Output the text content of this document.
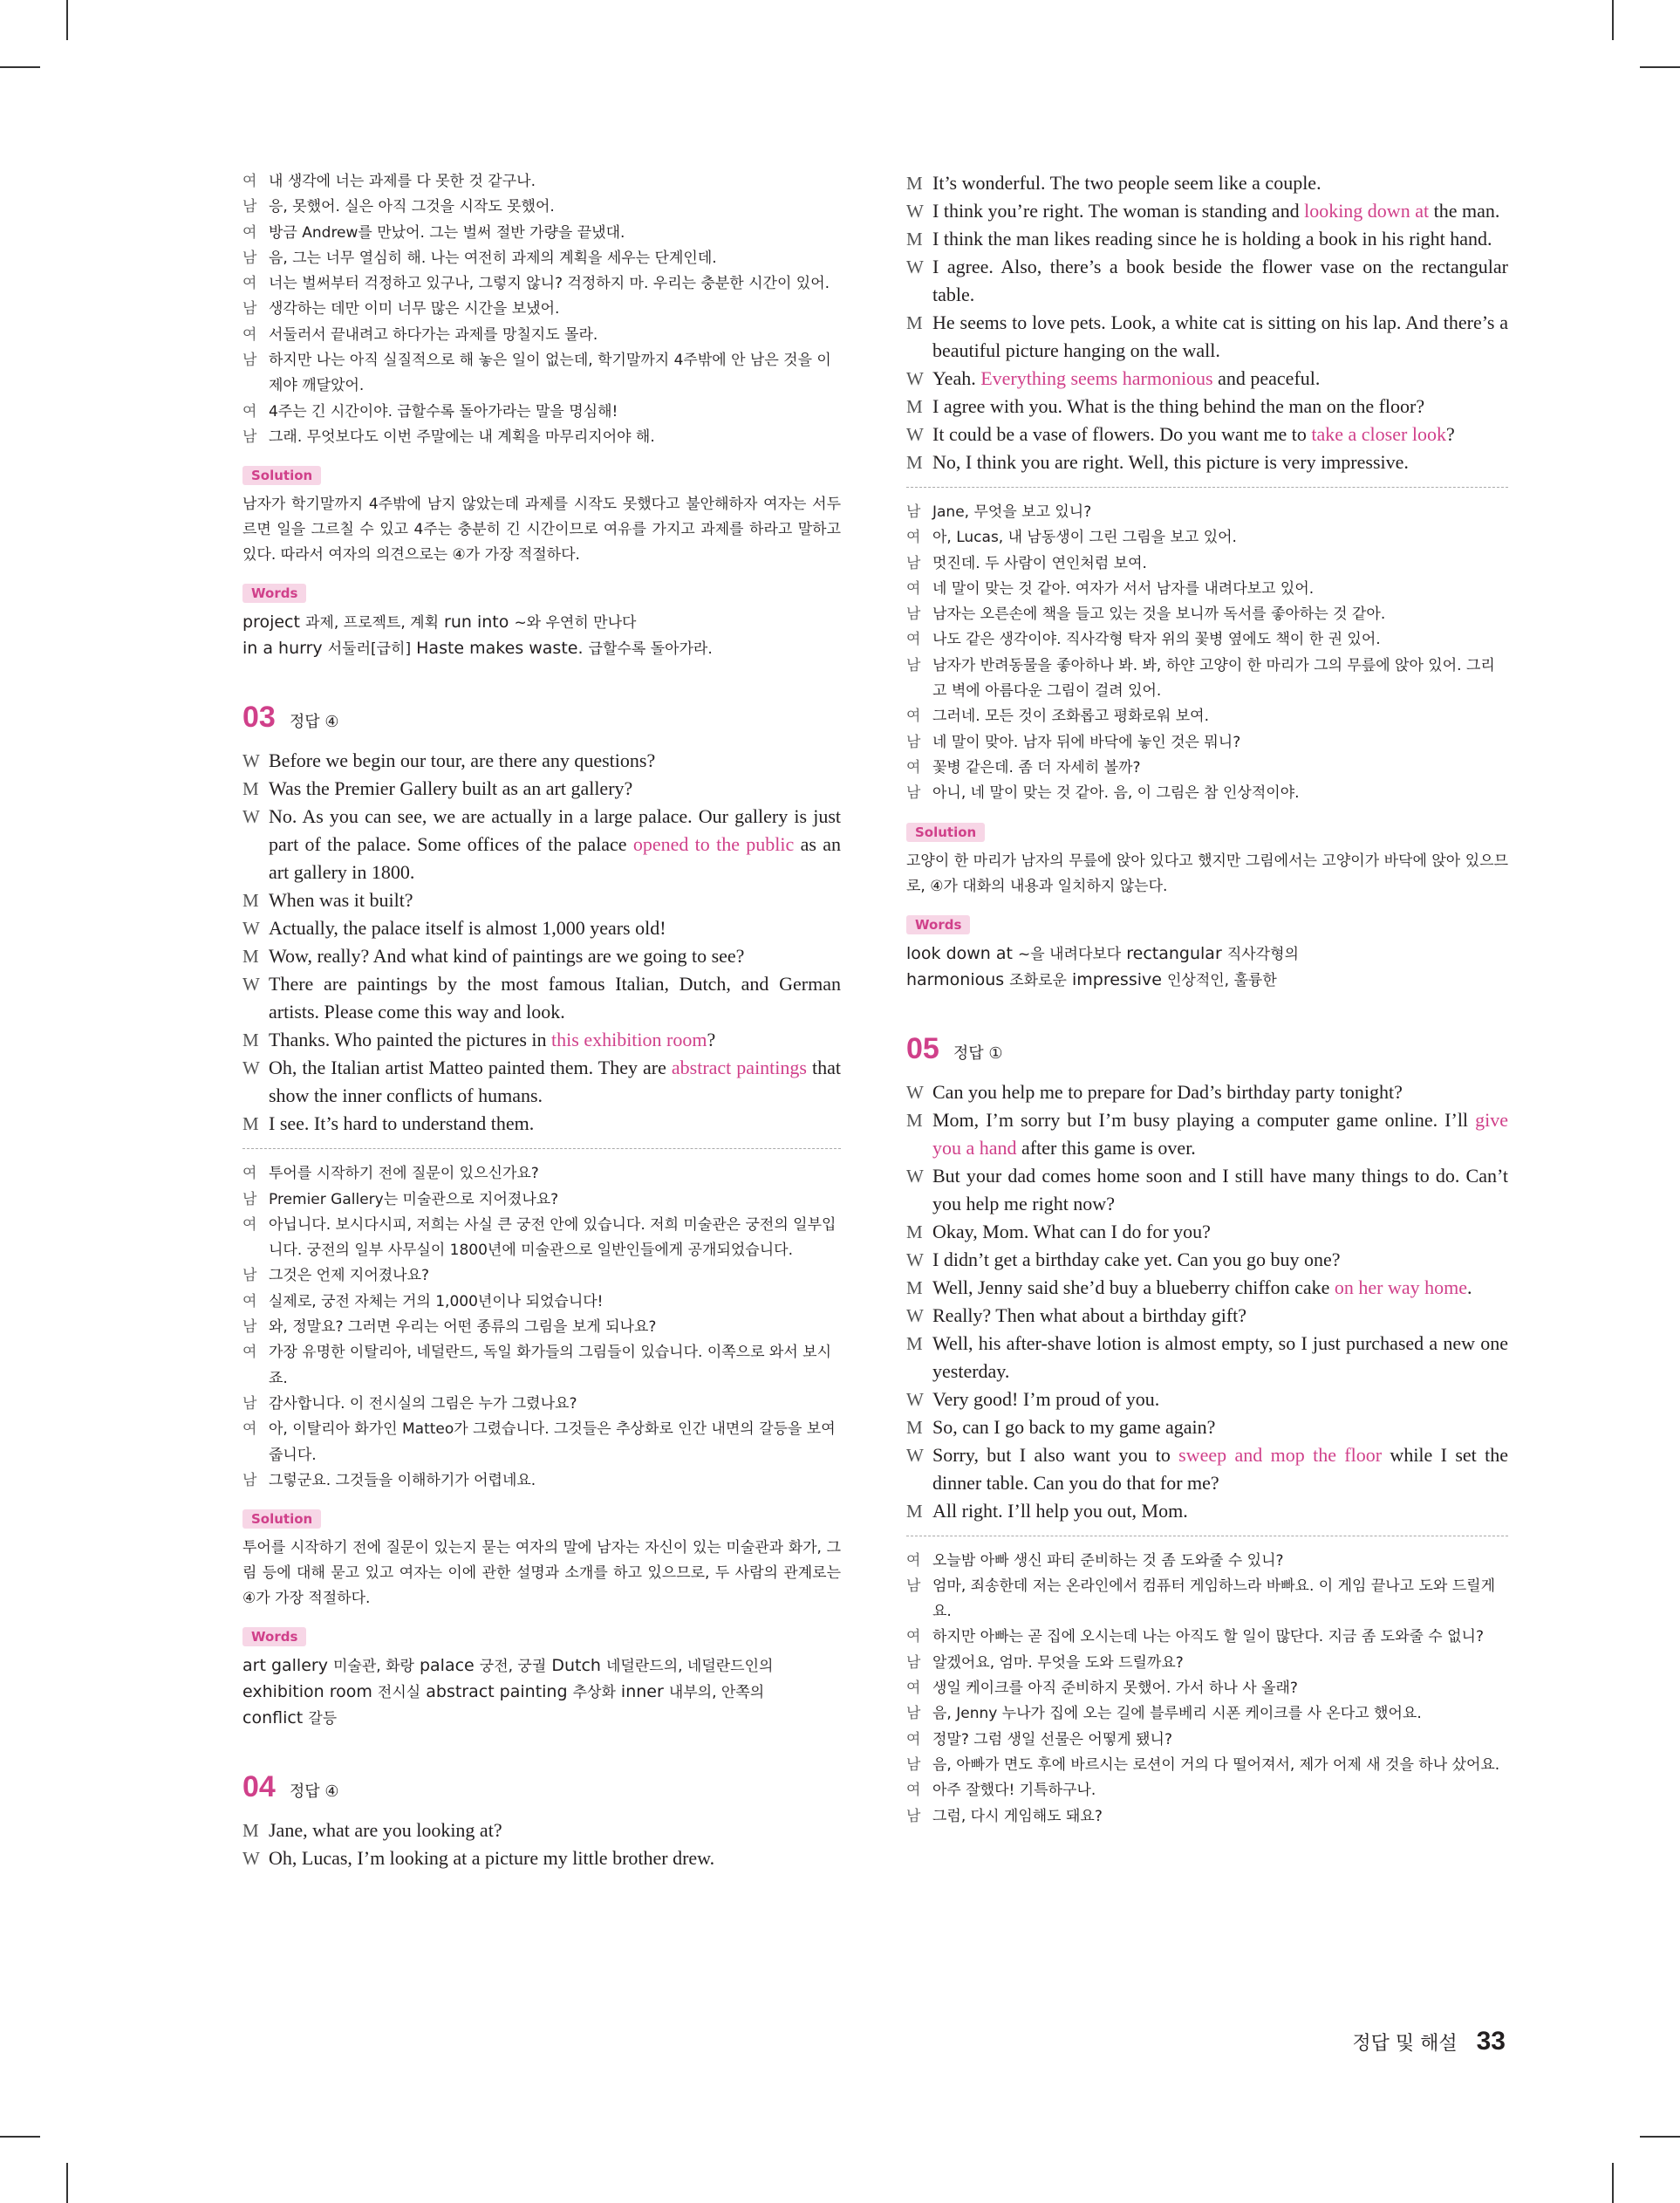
여 내 생각에 너는 과제를 다 못한 것 같구나.
남 응, 못했어. 실은 아직 그것을 시작도 못했어.
여 방금 Andrew를 만났어. 그는 벌써 절반 가량을 끝냈대.
남 음, 그는 너무 열심히 해. 나는 여전히 과제의 계획을 세우는 단계인데.
여 너는 벌써부터 걱정하고 있구나, 그렇지 않니? 걱정하지 마. 우리는 충분한 시간이 있어.
남 생각하는 데만 이미 너무 많은 시간을 보냈어.
여 서둘러서 끝내려고 하다가는 과제를 망칠지도 몰라.
남 하지만 나는 아직 실질적으로 해 놓은 일이 없는데, 학기말까지 4주밖에 안 남은 것을 이제야 깨달았어.
여 4주는 긴 시간이야. 급할수록 돌아가라는 말을 명심해!
남 그래. 무엇보다도 이번 주말에는 내 계획을 마무리지어야 해.
Solution
남자가 학기말까지 4주밖에 남지 않았는데 과제를 시작도 못했다고 불안해하자 여자는 서두르면 일을 그르칠 수 있고 4주는 충분히 긴 시간이므로 여유를 가지고 과제를 하라고 말하고 있다. 따라서 여자의 의견으로는 ④가 가장 적절하다.
Words
project 과제, 프로젝트, 계획 run into ~와 우연히 만나다
in a hurry 서둘러[급히] Haste makes waste. 급할수록 돌아가라.
03 정답 ④
W Before we begin our tour, are there any questions?
M Was the Premier Gallery built as an art gallery?
W No. As you can see, we are actually in a large palace. Our gallery is just part of the palace. Some offices of the palace opened to the public as an art gallery in 1800.
M When was it built?
W Actually, the palace itself is almost 1,000 years old!
M Wow, really? And what kind of paintings are we going to see?
W There are paintings by the most famous Italian, Dutch, and German artists. Please come this way and look.
M Thanks. Who painted the pictures in this exhibition room?
W Oh, the Italian artist Matteo painted them. They are abstract paintings that show the inner conflicts of humans.
M I see. It’s hard to understand them.
여 투어를 시작하기 전에 질문이 있으신가요?
남 Premier Gallery는 미술관으로 지어졌나요?
여 아닙니다. 보시다시피, 저희는 사실 큰 궁전 안에 있습니다. 저희 미술관은 궁전의 일부입니다. 궁전의 일부 사무실이 1800년에 미술관으로 일반인들에게 공개되었습니다.
남 그것은 언제 지어졌나요?
여 실제로, 궁전 자체는 거의 1,000년이나 되었습니다!
남 와, 정말요? 그러면 우리는 어떤 종류의 그림을 보게 되나요?
여 가장 유명한 이탈리아, 네덜란드, 독일 화가들의 그림들이 있습니다. 이쪽으로 와서 보시죠.
남 감사합니다. 이 전시실의 그림은 누가 그렸나요?
여 아, 이탈리아 화가인 Matteo가 그렸습니다. 그것들은 추상화로 인간 내면의 갈등을 보여 줍니다.
남 그렇군요. 그것들을 이해하기가 어렵네요.
Solution
투어를 시작하기 전에 질문이 있는지 묻는 여자의 말에 남자는 자신이 있는 미술관과 화가, 그림 등에 대해 묻고 있고 여자는 이에 관한 설명과 소개를 하고 있으므로, 두 사람의 관계로는 ④가 가장 적절하다.
Words
art gallery 미술관, 화랑 palace 궁전, 궁궐 Dutch 네덜란드의, 네덜란드인의
exhibition room 전시실 abstract painting 추상화 inner 내부의, 안쪽의
conflict 갈등
04 정답 ④
M Jane, what are you looking at?
W Oh, Lucas, I’m looking at a picture my little brother drew.
M It’s wonderful. The two people seem like a couple.
W I think you’re right. The woman is standing and looking down at the man.
M I think the man likes reading since he is holding a book in his right hand.
W I agree. Also, there’s a book beside the flower vase on the rectangular table.
M He seems to love pets. Look, a white cat is sitting on his lap. And there’s a beautiful picture hanging on the wall.
W Yeah. Everything seems harmonious and peaceful.
M I agree with you. What is the thing behind the man on the floor?
W It could be a vase of flowers. Do you want me to take a closer look?
M No, I think you are right. Well, this picture is very impressive.
남 Jane, 무엇을 보고 있니?
여 아, Lucas, 내 남동생이 그린 그림을 보고 있어.
남 멋진데. 두 사람이 연인처럼 보여.
여 네 말이 맞는 것 같아. 여자가 서서 남자를 내려다보고 있어.
남 남자는 오른손에 책을 들고 있는 것을 보니까 독서를 좋아하는 것 같아.
여 나도 같은 생각이야. 직사각형 탁자 위의 꽃병 옆에도 책이 한 권 있어.
남 남자가 반려동물을 좋아하나 봐. 봐, 하얀 고양이 한 마리가 그의 무릎에 앉아 있어. 그리고 벽에 아름다운 그림이 걸려 있어.
여 그러네. 모든 것이 조화롭고 평화로워 보여.
남 네 말이 맞아. 남자 뒤에 바닥에 놓인 것은 뭐니?
여 꽃병 같은데. 좀 더 자세히 볼까?
남 아니, 네 말이 맞는 것 같아. 음, 이 그림은 참 인상적이야.
Solution
고양이 한 마리가 남자의 무릎에 앉아 있다고 했지만 그림에서는 고양이가 바닥에 앉아 있으므로, ④가 대화의 내용과 일치하지 않는다.
Words
look down at ~을 내려다보다 rectangular 직사각형의
harmonious 조화로운 impressive 인상적인, 훌륭한
05 정답 ①
W Can you help me to prepare for Dad’s birthday party tonight?
M Mom, I’m sorry but I’m busy playing a computer game online. I’ll give you a hand after this game is over.
W But your dad comes home soon and I still have many things to do. Can’t you help me right now?
M Okay, Mom. What can I do for you?
W I didn’t get a birthday cake yet. Can you go buy one?
M Well, Jenny said she’d buy a blueberry chiffon cake on her way home.
W Really? Then what about a birthday gift?
M Well, his after-shave lotion is almost empty, so I just purchased a new one yesterday.
W Very good! I’m proud of you.
M So, can I go back to my game again?
W Sorry, but I also want you to sweep and mop the floor while I set the dinner table. Can you do that for me?
M All right. I’ll help you out, Mom.
여 오늘밤 아빠 생신 파티 준비하는 것 좀 도와줄 수 있니?
남 엄마, 죄송한데 저는 온라인에서 컴퓨터 게임하느라 바빠요. 이 게임 끝나고 도와 드릴게요.
여 하지만 아빠는 곧 집에 오시는데 나는 아직도 할 일이 많단다. 지금 좀 도와줄 수 없니?
남 알겠어요, 엄마. 무엇을 도와 드릴까요?
여 생일 케이크를 아직 준비하지 못했어. 가서 하나 사 올래?
남 음, Jenny 누나가 집에 오는 길에 블루베리 시폰 케이크를 사 온다고 했어요.
여 정말? 그럼 생일 선물은 어떻게 됐니?
남 음, 아빠가 면도 후에 바르시는 로션이 거의 다 떨어져서, 제가 어제 새 것을 하나 샀어요.
여 아주 잘했다! 기특하구나.
남 그럼, 다시 게임해도 돼요?
정답 및 해설 33
